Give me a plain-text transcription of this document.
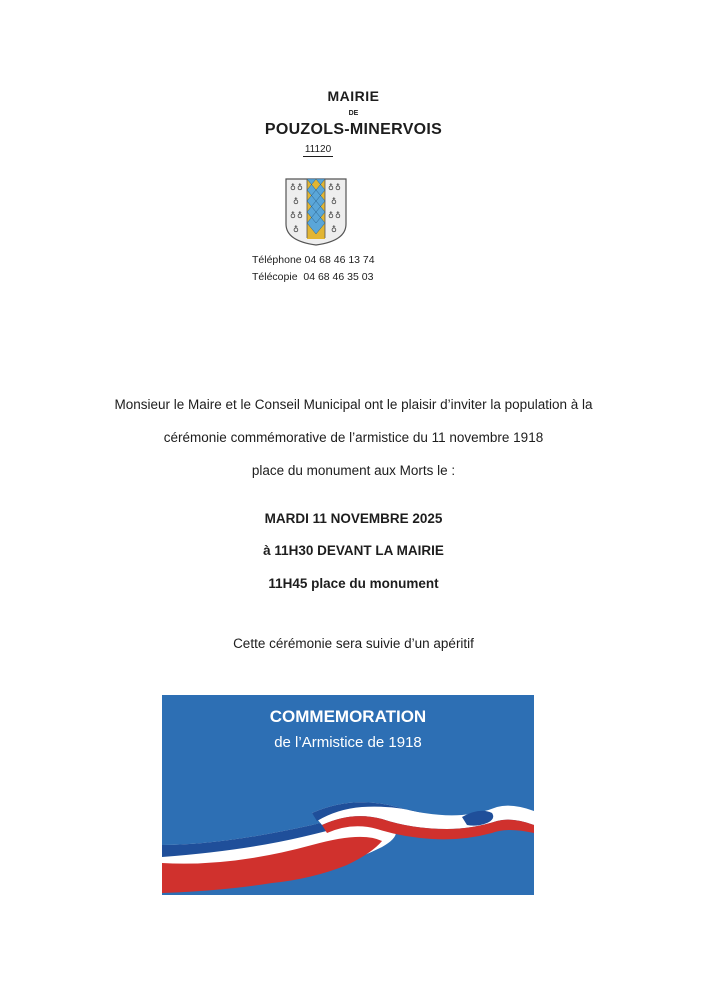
MAIRIE
DE
POUZOLS-MINERVOIS
11120
♁ ♁
♁
♁ ♁
♁
♁ ♁
♁
♁ ♁
♁
Téléphone 04 68 46 13 74
Télécopie  04 68 46 35 03
Monsieur le Maire et le Conseil Municipal ont le plaisir d’inviter la population à la
cérémonie commémorative de l’armistice du 11 novembre 1918
place du monument aux Morts le :
MARDI 11 NOVEMBRE 2025
à 11H30 DEVANT LA MAIRIE
11H45 place du monument
Cette cérémonie sera suivie d’un apéritif
COMMEMORATION
de l’Armistice de 1918
